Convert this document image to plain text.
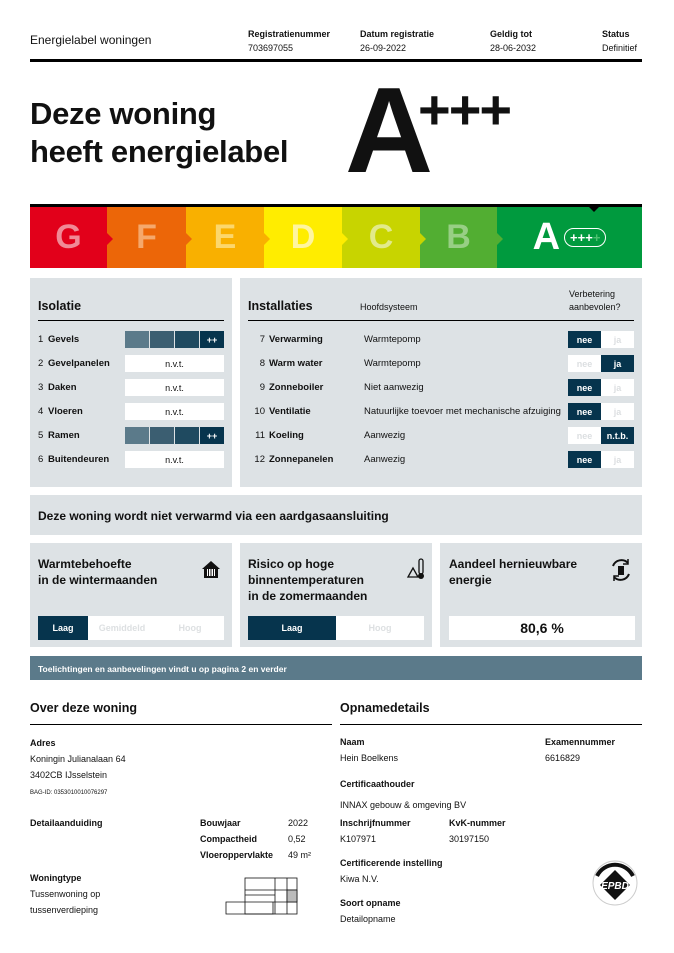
Energielabel woningen	Registratienummer
703697055
Datum registratie
26-09-2022
Geldig tot
28-06-2032
Status
Definitief
Deze woning
heeft energielabel A
+++
G F E D C B A ++++
Isolatie
1 Gevels	++
2 Gevelpanelen	n.v.t.
3 Daken	n.v.t.
4 Vloeren	n.v.t.
5 Ramen	++
6 Buitendeuren	n.v.t.
Installaties	Hoofdsysteem
Verbetering aanbevolen?
7 Verwarming	Warmtepomp	nee	ja
8 Warm water	Warmtepomp	nee	ja
9 Zonneboiler	Niet aanwezig	nee	ja
10 Ventilatie	Natuurlijke toevoer met mechanische afzuiging	nee	ja
11 Koeling	Aanwezig	nee	n.t.b.
12 Zonnepanelen	Aanwezig	nee	ja
Deze woning wordt niet verwarmd via een aardgasaansluiting
Warmtebehoefte
in de wintermaanden
Laag	Gemiddeld	Hoog
Risico op hoge
binnentemperaturen
in de zomermaanden
Laag	Hoog
Aandeel hernieuwbare
energie
80,6 %
Toelichtingen en aanbevelingen vindt u op pagina 2 en verder
Over deze woning
Adres
Koningin Julianalaan 64
3402CB IJsselstein
BAG-ID: 0353010010076297
Detailaanduiding	Bouwjaar	2022
Compactheid	0,52
Vloeroppervlakte	49 m²
Woningtype
Tussenwoning op
tussenverdieping
Opnamedetails
Naam
Hein Boelkens
Examennummer
6616829
Certificaathouder
INNAX gebouw & omgeving BV
Inschrijfnummer
K107971
KvK-nummer
30197150
Certificerende instelling
Kiwa N.V.
Soort opname
Detailopname
EPBD
